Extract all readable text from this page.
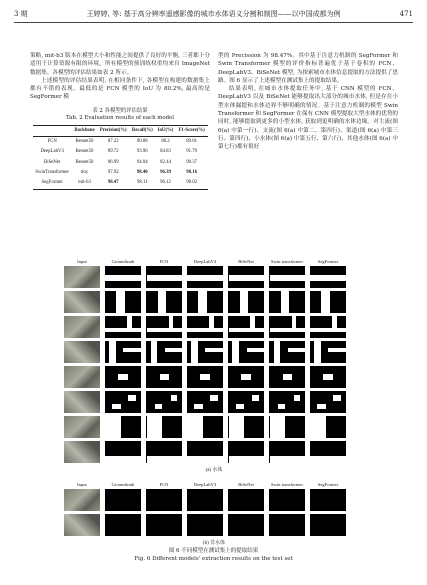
3 期	王婷婷, 等: 基于高分辨率遥感影像的城市水体语义分割和制图——以中国成都为例	471

策略, mit-b3 版本在模型大小和性能之间提供了良好的平衡, 三者都十分适用于计算资源有限的环境。所有模型的预训练权重均来自 ImageNet 数据集。各模型的评估结果如表 2 所示。

上述模型的评估结果表明, 在相同条件下, 各模型在构建的数据集上都有不错的表现。最低的是 FCN 模型的 IoU 为 80.2%, 最高的是 SegFormer 模

表 2 各模型的评估结果
Tab. 2 Evaluation results of each model
	Backbone	Precision(%)	Recall(%)	IoU(%)	F1-Score(%)
FCN	Resnet50	87.22	90.88	80.2	89.01
DeepLabV3	Resnet50	89.72	93.96	84.83	91.79
BiSeNet	Resnet50	86.99	94.04	82.44	90.37
SwinTransformer	tiny	97.92	98.40	96.39	98.16
SegFormer	mit-b3	98.47	98.11	96.12	98.02

型的 Precission 为 98.47%。其中基于注意力机制的 SegFormer 和 Swin Transformer 模型的评价指标普遍优于基于卷积的 FCN、DeepLabV3、BiSeNet 模型, 为探索城市水体信息提取的方法提供了思路。图 6 显示了上述模型在测试集上的提取结果。

结果表明, 在城市水体提取任务中, 基于 CNN 模型的 FCN、DeepLabV3 以及 BiSeNet 能够提取出大部分的城市水体, 但是存在小型水体漏提和水体边界不够明确的情况。基于注意力机制的模型 Swin Transformer 和 SegFormer 在保有 CNN 模型提取大型水体的优势的同时, 能够提取到更多的小型水体, 获取到更明确的水体边缘。对主流(图 6(a) 中第一行)、支流(图 6(a) 中第二、第四行)、渠道(图 6(a) 中第三行、第四行)、小水体(图 6(a) 中第五行、第六行)、其他水体(图 6(a) 中第七行)都有很好

Input	Groundtruth	FCN	DeepLabV3	BiSeNet	Swin transformer	SegFormer
(a) 水体
Input	Groundtruth	FCN	DeepLabV3	BiSeNet	Swin transformer	SegFormer
(b) 非水体
图 6 不同模型在测试集上的提取结果
Fig. 6 Different models' extraction results on the test set
